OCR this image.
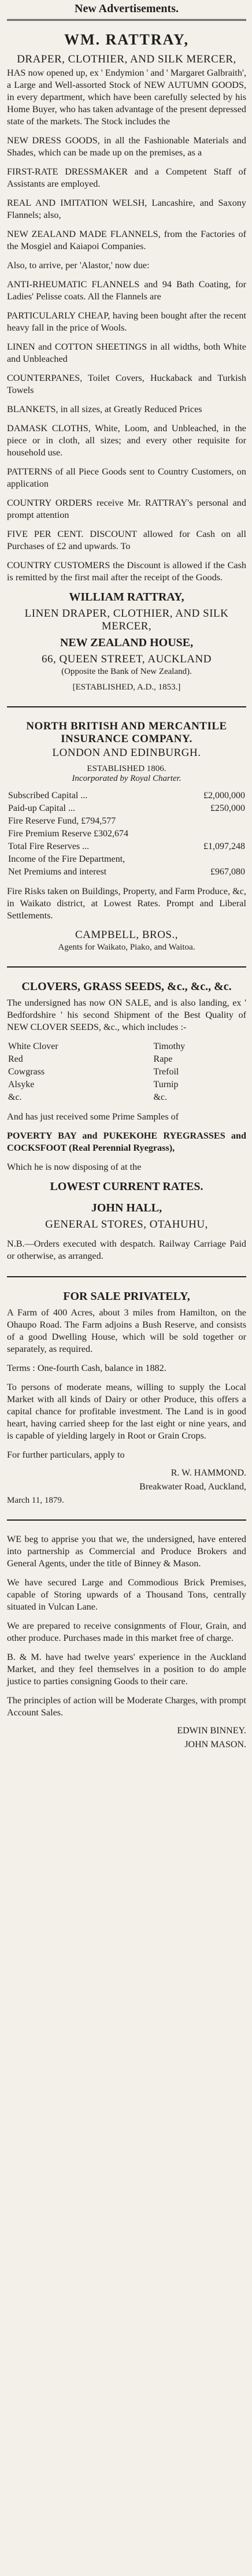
New Advertisements.
WM. RATTRAY,
DRAPER, CLOTHIER, AND SILK MERCER,

HAS now opened up, ex ' Endymion ' and ' Margaret Galbraith', a Large and Well-assorted Stock of NEW AUTUMN GOODS, in every department, which have been carefully selected by his Home Buyer, who has taken advantage of the present depressed state of the markets. The Stock includes the

NEW DRESS GOODS, in all the Fashionable Materials and Shades, which can be made up on the premises, as a

FIRST-RATE DRESSMAKER and a Competent Staff of Assistants are employed.

REAL AND IMITATION WELSH, Lancashire, and Saxony Flannels; also,

NEW ZEALAND MADE FLANNELS, from the Factories of the Mosgiel and Kaiapoi Companies.

Also, to arrive, per 'Alastor,' now due:

ANTI-RHEUMATIC FLANNELS and 94 Bath Coating, for Ladies' Pelisse coats. All the Flannels are

PARTICULARLY CHEAP, having been bought after the recent heavy fall in the price of Wools.

LINEN and COTTON SHEETINGS in all widths, both White and Unbleached

COUNTERPANES, Toilet Covers, Huckaback and Turkish Towels

BLANKETS, in all sizes, at Greatly Reduced Prices

DAMASK CLOTHS, White, Loom, and Unbleached, in the piece or in cloth, all sizes; and every other requisite for household use.

PATTERNS of all Piece Goods sent to Country Customers, on application

COUNTRY ORDERS receive Mr. RATTRAY's personal and prompt attention

FIVE PER CENT. DISCOUNT allowed for Cash on all Purchases of £2 and upwards. To

COUNTRY CUSTOMERS the Discount is allowed if the Cash is remitted by the first mail after the receipt of the Goods.

WILLIAM RATTRAY,
LINEN DRAPER, CLOTHIER, AND SILK MERCER,
NEW ZEALAND HOUSE,
66, QUEEN STREET, AUCKLAND
(Opposite the Bank of New Zealand).
[ESTABLISHED, A.D., 1853.]
NORTH BRITISH AND MERCANTILE INSURANCE COMPANY.
LONDON AND EDINBURGH.
ESTABLISHED 1806.
Incorporated by Royal Charter.
Subscribed Capital ...	£2,000,000
Paid-up Capital ...	£250,000
Fire Reserve Fund, £794,577	
Fire Premium Reserve £302,674	
Total Fire Reserves ...	£1,097,248
Income of the Fire Department,	
Net Premiums and interest	£967,080

Fire Risks taken on Buildings, Property, and Farm Produce, &c, in Waikato district, at Lowest Rates. Prompt and Liberal Settlements.

CAMPBELL, BROS.,
Agents for Waikato, Piako, and Waitoa.
CLOVERS, GRASS SEEDS, &c., &c., &c.

The undersigned has now ON SALE, and is also landing, ex ' Bedfordshire ' his second Shipment of the Best Quality of NEW CLOVER SEEDS, &c., which includes :-

White Clover	Timothy
Red	Rape
Cowgrass	Trefoil
Alsyke	Turnip
&c.	&c.

And has just received some Prime Samples of

POVERTY BAY and PUKEKOHE RYEGRASSES and COCKSFOOT (Real Perennial Ryegrass),

Which he is now disposing of at the

LOWEST CURRENT RATES.
JOHN HALL,
GENERAL STORES, OTAHUHU,

N.B.—Orders executed with despatch. Railway Carriage Paid or otherwise, as arranged.

FOR SALE PRIVATELY,

A Farm of 400 Acres, about 3 miles from Hamilton, on the Ohaupo Road. The Farm adjoins a Bush Reserve, and consists of a good Dwelling House, which will be sold together or separately, as required.

Terms : One-fourth Cash, balance in 1882.

To persons of moderate means, willing to supply the Local Market with all kinds of Dairy or other Produce, this offers a capital chance for profitable investment. The Land is in good heart, having carried sheep for the last eight or nine years, and is capable of yielding largely in Root or Grain Crops.

For further particulars, apply to

R. W. HAMMOND.
Breakwater Road, Auckland,
March 11, 1879.

WE beg to apprise you that we, the undersigned, have entered into partnership as Commercial and Produce Brokers and General Agents, under the title of Binney & Mason.

We have secured Large and Commodious Brick Premises, capable of Storing upwards of a Thousand Tons, centrally situated in Vulcan Lane.

We are prepared to receive consignments of Flour, Grain, and other produce. Purchases made in this market free of charge.

B. & M. have had twelve years' experience in the Auckland Market, and they feel themselves in a position to do ample justice to parties consigning Goods to their care.

The principles of action will be Moderate Charges, with prompt Account Sales.

EDWIN BINNEY.
JOHN MASON.
